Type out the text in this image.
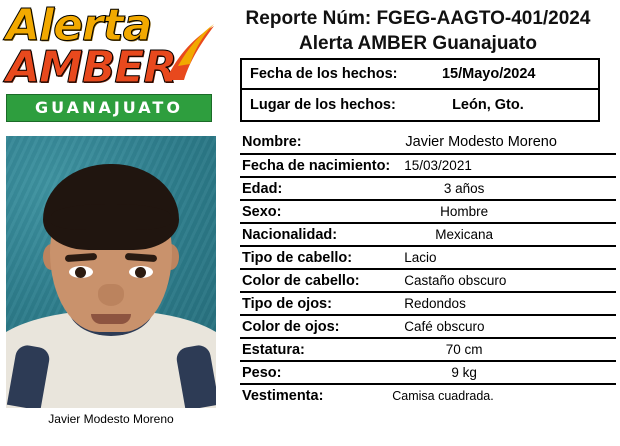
Alerta
AMBER
GUANAJUATO
Javier Modesto Moreno
Reporte Núm: FGEG-AAGTO-401/2024
Alerta AMBER Guanajuato
Fecha de los hechos:	15/Mayo/2024
Lugar de los hechos:	León, Gto.
Nombre:	Javier Modesto Moreno
Fecha de nacimiento:	15/03/2021
Edad:	3 años
Sexo:	Hombre
Nacionalidad:	Mexicana
Tipo de cabello:	Lacio
Color de cabello:	Castaño obscuro
Tipo de ojos:	Redondos
Color de ojos:	Café obscuro
Estatura:	70 cm
Peso:	9 kg
Vestimenta:	Camisa cuadrada.
